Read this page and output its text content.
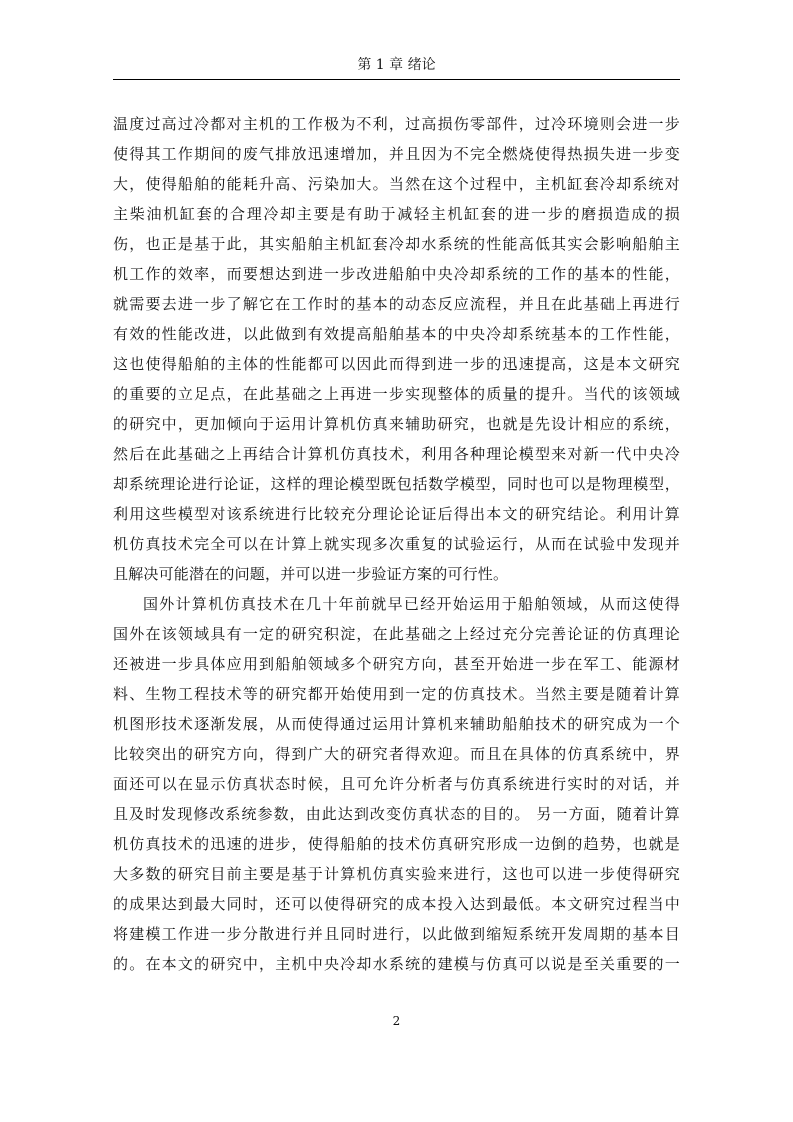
第 1 章 绪论
温度过高过冷都对主机的工作极为不利，过高损伤零部件，过冷环境则会进一步
使得其工作期间的废气排放迅速增加，并且因为不完全燃烧使得热损失进一步变
大，使得船舶的能耗升高、污染加大。当然在这个过程中，主机缸套冷却系统对
主柴油机缸套的合理冷却主要是有助于减轻主机缸套的进一步的磨损造成的损
伤，也正是基于此，其实船舶主机缸套冷却水系统的性能高低其实会影响船舶主
机工作的效率，而要想达到进一步改进船舶中央冷却系统的工作的基本的性能，
就需要去进一步了解它在工作时的基本的动态反应流程，并且在此基础上再进行
有效的性能改进，以此做到有效提高船舶基本的中央冷却系统基本的工作性能，
这也使得船舶的主体的性能都可以因此而得到进一步的迅速提高，这是本文研究
的重要的立足点，在此基础之上再进一步实现整体的质量的提升。当代的该领域
的研究中，更加倾向于运用计算机仿真来辅助研究，也就是先设计相应的系统，
然后在此基础之上再结合计算机仿真技术，利用各种理论模型来对新一代中央冷
却系统理论进行论证，这样的理论模型既包括数学模型，同时也可以是物理模型，
利用这些模型对该系统进行比较充分理论论证后得出本文的研究结论。利用计算
机仿真技术完全可以在计算上就实现多次重复的试验运行，从而在试验中发现并
且解决可能潜在的问题，并可以进一步验证方案的可行性。
国外计算机仿真技术在几十年前就早已经开始运用于船舶领域，从而这使得
国外在该领域具有一定的研究积淀，在此基础之上经过充分完善论证的仿真理论
还被进一步具体应用到船舶领域多个研究方向，甚至开始进一步在军工、能源材
料、生物工程技术等的研究都开始使用到一定的仿真技术。当然主要是随着计算
机图形技术逐渐发展，从而使得通过运用计算机来辅助船舶技术的研究成为一个
比较突出的研究方向，得到广大的研究者得欢迎。而且在具体的仿真系统中，界
面还可以在显示仿真状态时候，且可允许分析者与仿真系统进行实时的对话，并
且及时发现修改系统参数，由此达到改变仿真状态的目的。 另一方面，随着计算
机仿真技术的迅速的进步，使得船舶的技术仿真研究形成一边倒的趋势，也就是
大多数的研究目前主要是基于计算机仿真实验来进行，这也可以进一步使得研究
的成果达到最大同时，还可以使得研究的成本投入达到最低。本文研究过程当中
将建模工作进一步分散进行并且同时进行，以此做到缩短系统开发周期的基本目
的。在本文的研究中，主机中央冷却水系统的建模与仿真可以说是至关重要的一
2
